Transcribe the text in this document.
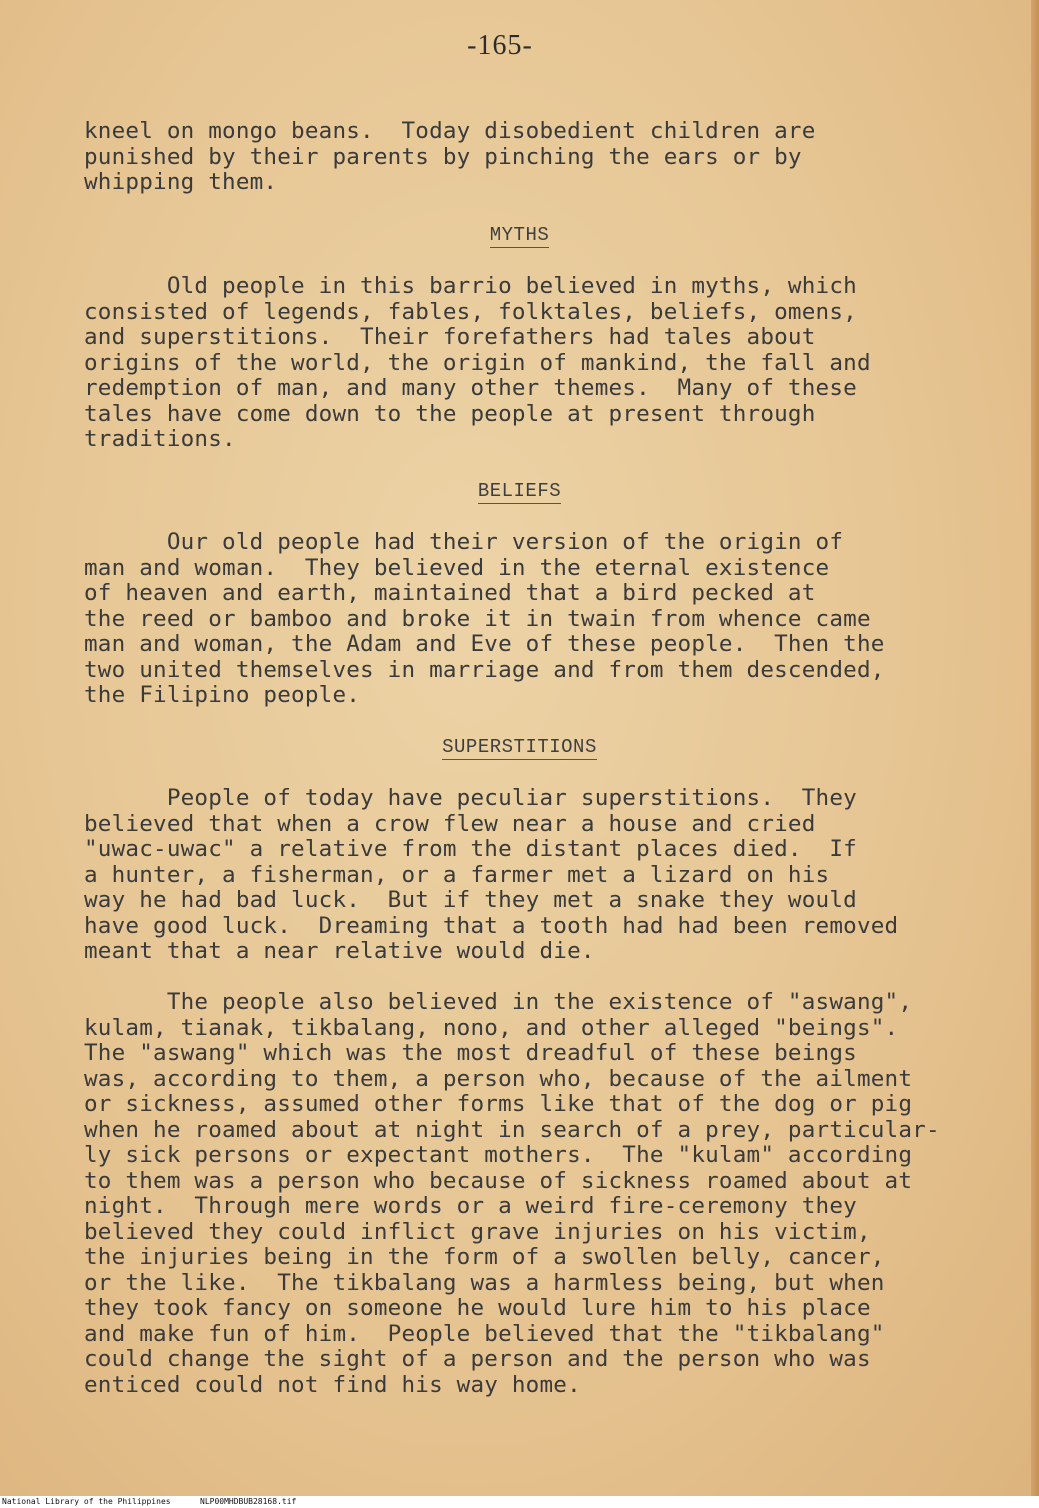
-165-
kneel on mongo beans.  Today disobedient children are
punished by their parents by pinching the ears or by
whipping them.
MYTHS
Old people in this barrio believed in myths, which
consisted of legends, fables, folktales, beliefs, omens,
and superstitions.  Their forefathers had tales about
origins of the world, the origin of mankind, the fall and
redemption of man, and many other themes.  Many of these
tales have come down to the people at present through
traditions.
BELIEFS
Our old people had their version of the origin of
man and woman.  They believed in the eternal existence
of heaven and earth, maintained that a bird pecked at
the reed or bamboo and broke it in twain from whence came
man and woman, the Adam and Eve of these people.  Then the
two united themselves in marriage and from them descended,
the Filipino people.
SUPERSTITIONS
People of today have peculiar superstitions.  They
believed that when a crow flew near a house and cried
"uwac-uwac" a relative from the distant places died.  If
a hunter, a fisherman, or a farmer met a lizard on his
way he had bad luck.  But if they met a snake they would
have good luck.  Dreaming that a tooth had had been removed
meant that a near relative would die.
The people also believed in the existence of "aswang",
kulam, tianak, tikbalang, nono, and other alleged "beings".
The "aswang" which was the most dreadful of these beings
was, according to them, a person who, because of the ailment
or sickness, assumed other forms like that of the dog or pig
when he roamed about at night in search of a prey, particular-
ly sick persons or expectant mothers.  The "kulam" according
to them was a person who because of sickness roamed about at
night.  Through mere words or a weird fire-ceremony they
believed they could inflict grave injuries on his victim,
the injuries being in the form of a swollen belly, cancer,
or the like.  The tikbalang was a harmless being, but when
they took fancy on someone he would lure him to his place
and make fun of him.  People believed that the "tikbalang"
could change the sight of a person and the person who was
enticed could not find his way home.
National Library of the Philippines	NLP00MHDBUB28168.tif
